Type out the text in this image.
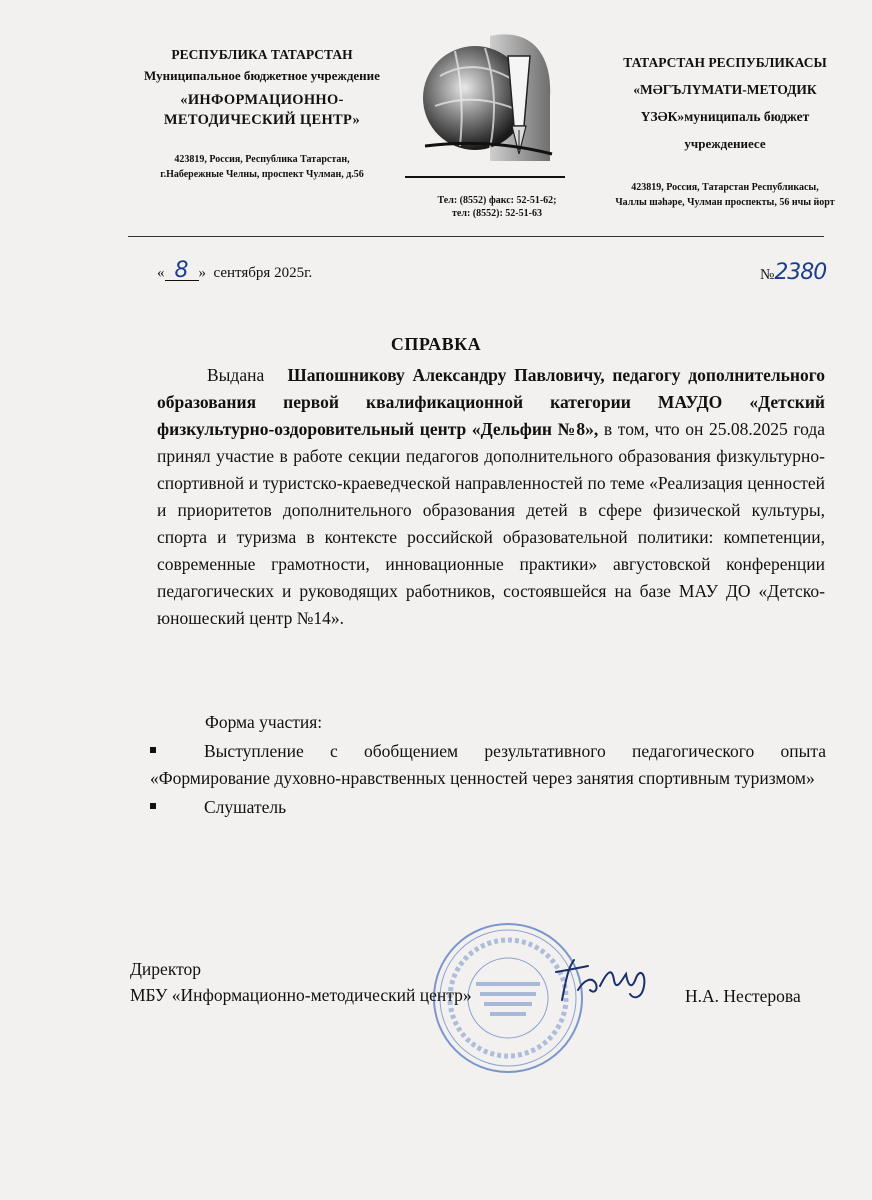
РЕСПУБЛИКА ТАТАРСТАН
Муниципальное бюджетное учреждение
«ИНФОРМАЦИОННО-
МЕТОДИЧЕСКИЙ ЦЕНТР»
423819, Россия, Республика Татарстан,
г.Набережные Челны, проспект Чулман, д.56
Тел: (8552) факс: 52-51-62;
тел: (8552): 52-51-63
ТАТАРСТАН РЕСПУБЛИКАСЫ
«МӘГЪЛҮМАТИ-МЕТОДИК
ҮЗӘК»муниципаль бюджет
учреждениесе
423819, Россия, Татарстан Республикасы,
Чаллы шәһәре, Чулман проспекты, 56 нчы йорт
« 8 » сентября 2025г.	№2380
СПРАВКА
Выдана Шапошникову Александру Павловичу, педагогу дополнительного образования первой квалификационной категории МАУДО «Детский физкультурно-оздоровительный центр «Дельфин №8», в том, что он 25.08.2025 года принял участие в работе секции педагогов дополнительного образования физкультурно-спортивной и туристско-краеведческой направленностей по теме «Реализация ценностей и приоритетов дополнительного образования детей в сфере физической культуры, спорта и туризма в контексте российской образовательной политики: компетенции, современные грамотности, инновационные практики» августовской конференции педагогических и руководящих работников, состоявшейся на базе МАУ ДО «Детско-юношеский центр №14».
Форма участия:
Выступление с обобщением результативного педагогического опыта «Формирование духовно-нравственных ценностей через занятия спортивным туризмом»
Слушатель
Директор
МБУ «Информационно-методический центр»	Н.А. Нестерова
